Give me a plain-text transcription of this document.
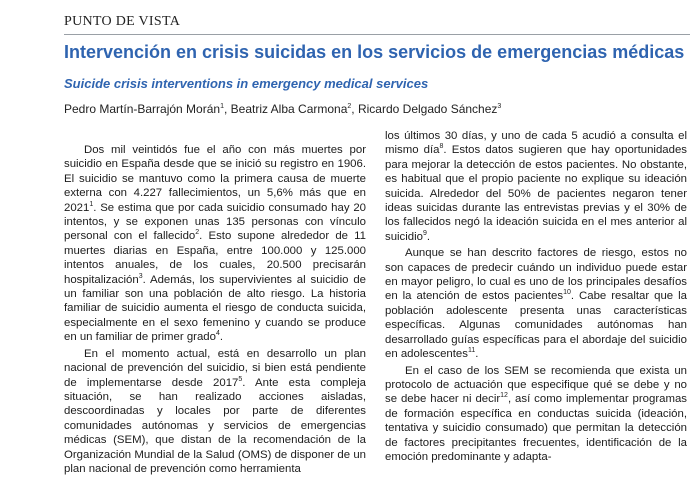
PUNTO DE VISTA
Intervención en crisis suicidas en los servicios de emergencias médicas
Suicide crisis interventions in emergency medical services
Pedro Martín-Barrajón Morán$^1$, Beatriz Alba Carmona$^2$, Ricardo Delgado Sánchez$^3$

Dos mil veintidós fue el año con más muertes por suicidio en España desde que se inició su registro en 1906. El suicidio se mantuvo como la primera causa de muerte externa con 4.227 fallecimientos, un 5,6% más que en 2021$^1$. Se estima que por cada suicidio consumado hay 20 intentos, y se exponen unas 135 personas con vínculo personal con el fallecido$^2$. Esto supone alrededor de 11 muertes diarias en España, entre 100.000 y 125.000 intentos anuales, de los cuales, 20.500 precisarán hospitalización$^3$. Además, los supervivientes al suicidio de un familiar son una población de alto riesgo. La historia familiar de suicidio aumenta el riesgo de conducta suicida, especialmente en el sexo femenino y cuando se produce en un familiar de primer grado$^4$.

En el momento actual, está en desarrollo un plan nacional de prevención del suicidio, si bien está pendiente de implementarse desde 2017$^5$. Ante esta compleja situación, se han realizado acciones aisladas, descoordinadas y locales por parte de diferentes comunidades autónomas y servicios de emergencias médicas (SEM), que distan de la recomendación de la Organización Mundial de la Salud (OMS) de disponer de un plan nacional de prevención como herramienta

los últimos 30 días, y uno de cada 5 acudió a consulta el mismo día$^8$. Estos datos sugieren que hay oportunidades para mejorar la detección de estos pacientes. No obstante, es habitual que el propio paciente no explique su ideación suicida. Alrededor del 50% de pacientes negaron tener ideas suicidas durante las entrevistas previas y el 30% de los fallecidos negó la ideación suicida en el mes anterior al suicidio$^9$.

Aunque se han descrito factores de riesgo, estos no son capaces de predecir cuándo un individuo puede estar en mayor peligro, lo cual es uno de los principales desafíos en la atención de estos pacientes$^{10}$. Cabe resaltar que la población adolescente presenta unas características específicas. Algunas comunidades autónomas han desarrollado guías específicas para el abordaje del suicidio en adolescentes$^{11}$.

En el caso de los SEM se recomienda que exista un protocolo de actuación que especifique qué se debe y no se debe hacer ni decir$^{12}$, así como implementar programas de formación específica en conductas suicida (ideación, tentativa y suicidio consumado) que permitan la detección de factores precipitantes frecuentes, identificación de la emoción predominante y adapta-
